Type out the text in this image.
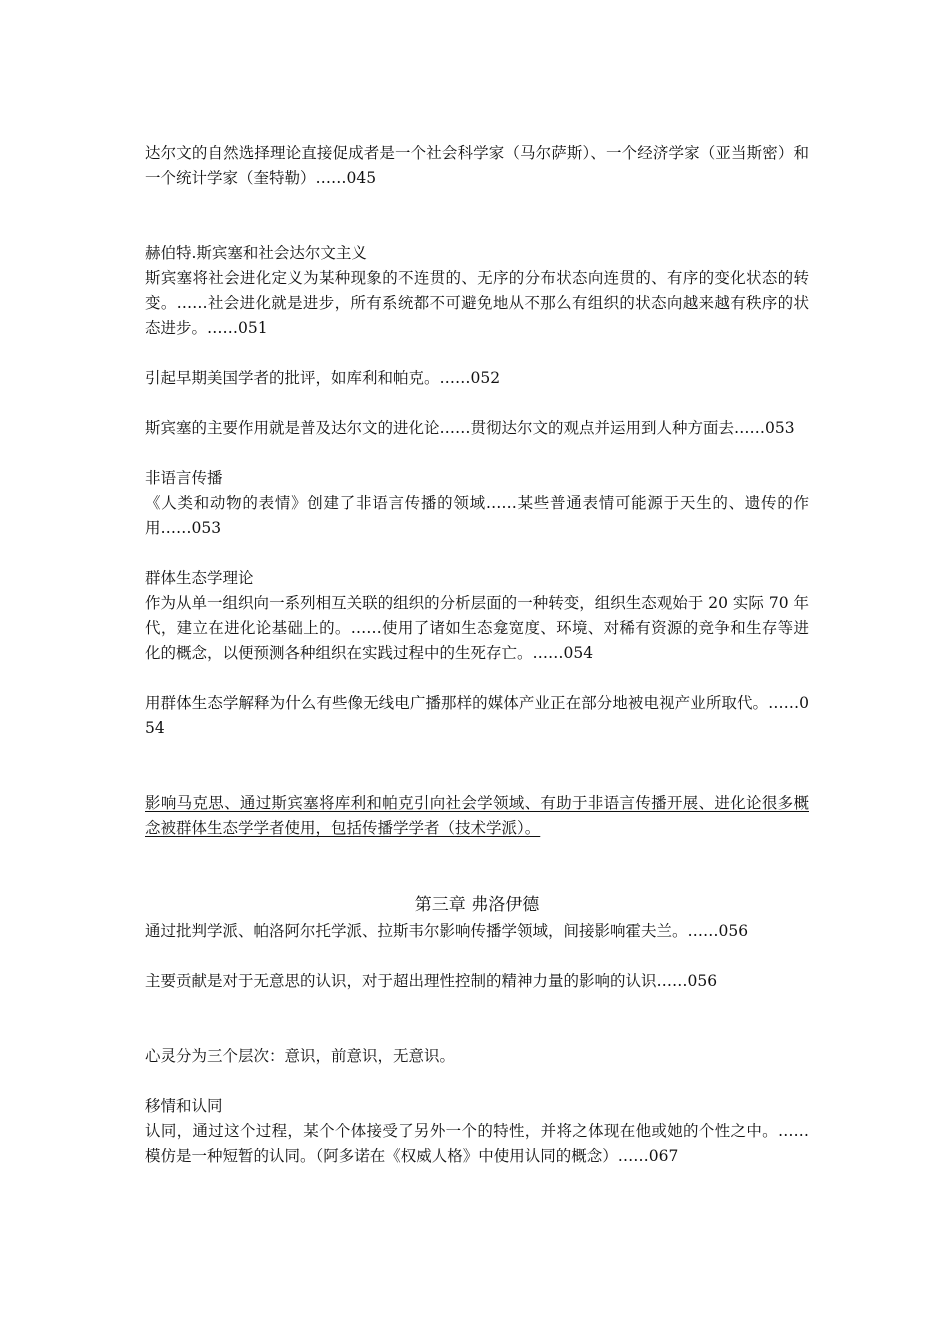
达尔文的自然选择理论直接促成者是一个社会科学家（马尔萨斯）、一个经济学家（亚当斯密）和一个统计学家（奎特勒）……045

赫伯特.斯宾塞和社会达尔文主义

斯宾塞将社会进化定义为某种现象的不连贯的、无序的分布状态向连贯的、有序的变化状态的转变。……社会进化就是进步，所有系统都不可避免地从不那么有组织的状态向越来越有秩序的状态进步。……051

引起早期美国学者的批评，如库利和帕克。……052

斯宾塞的主要作用就是普及达尔文的进化论……贯彻达尔文的观点并运用到人种方面去……053

非语言传播

《人类和动物的表情》创建了非语言传播的领域……某些普通表情可能源于天生的、遗传的作用……053

群体生态学理论

作为从单一组织向一系列相互关联的组织的分析层面的一种转变，组织生态观始于 20 实际 70 年代，建立在进化论基础上的。……使用了诸如生态龛宽度、环境、对稀有资源的竞争和生存等进化的概念，以便预测各种组织在实践过程中的生死存亡。……054

用群体生态学解释为什么有些像无线电广播那样的媒体产业正在部分地被电视产业所取代。……054

影响马克思、通过斯宾塞将库利和帕克引向社会学领域、有助于非语言传播开展、进化论很多概念被群体生态学学者使用，包括传播学学者（技术学派）。

第三章 弗洛伊德

通过批判学派、帕洛阿尔托学派、拉斯韦尔影响传播学领域，间接影响霍夫兰。……056

主要贡献是对于无意思的认识，对于超出理性控制的精神力量的影响的认识……056

心灵分为三个层次：意识，前意识，无意识。

移情和认同

认同，通过这个过程，某个个体接受了另外一个的特性，并将之体现在他或她的个性之中。……模仿是一种短暂的认同。（阿多诺在《权威人格》中使用认同的概念）……067
